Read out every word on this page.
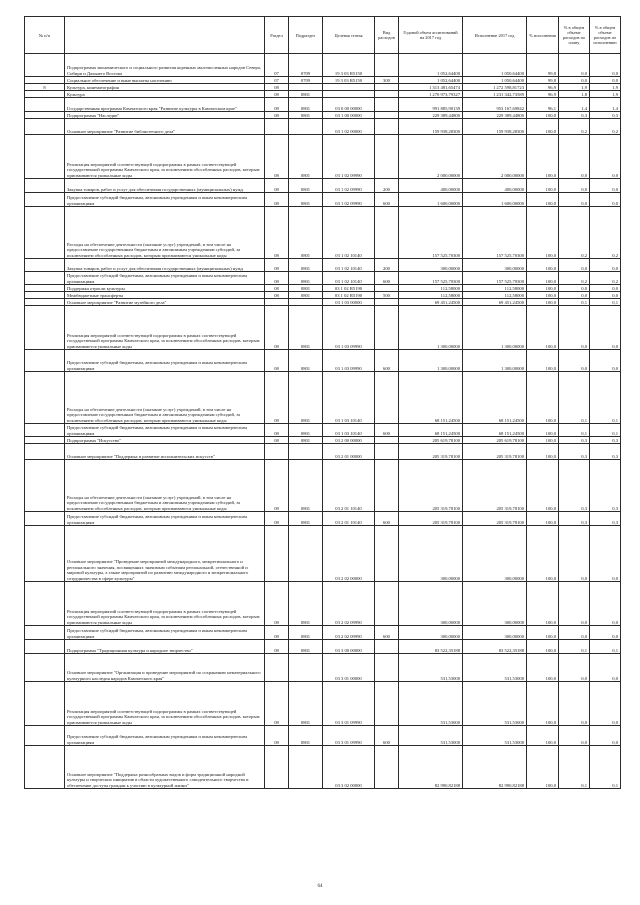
№ п/п		Раздел	Подраздел	Целевая статья	Вид расходов	Годовой объем ассигнований на 2017 год	Исполнение 2017 год	% исполнения	% в общем объеме расходов по плану	% в общем объеме расходов по исполнению
	Подпрограмма экономического и социального развития коренных малочисленных народов Севера, Сибири и Дальнего Востока	07	0709	19 3 03 R5150		1 052,64400	1 050,64400	99,8	0,0	0,0
	Социальное обеспечение и иные выплаты населению	07	0709	19 3 03 R5150	300	1 052,64400	1 050,64400	99,8	0,0	0,0
8	Культура, кинематография	08				1 313 481,65474	1 272 598,81723	96,9	1,9	1,9
	Культура	08	0801			1 270 973,79327	1 231 342,73589	96,9	1,8	1,9
	Государственная программа Камчатского края "Развитие культуры в Камчатском крае"	08	0801	03 0 00 00000		991 885,90139	953 167,69842	96,1	1,4	1,4
	Подпрограмма "Наследие"	08	0801	03 1 00 00000		229 389,44800	229 389,44800	100,0	0,3	0,3
	Основное мероприятие "Развитие библиотечного дела"			03 1 02 00000		159 938,28300	159 938,28300	100,0	0,2	0,2
	Реализация мероприятий соответствующей подпрограммы в рамках соответствующей государственной программы Камчатского края, за исключением обособленных расходов, которым присваиваются уникальные коды	08	0801	03 1 02 09990		2 000,00000	2 000,00000	100,0	0,0	0,0
	Закупка товаров, работ и услуг для обеспечения государственных (муниципальных) нужд	08	0801	03 1 02 09990	200	400,00000	400,00000	100,0	0,0	0,0
	Предоставление субсидий бюджетным, автономным учреждениям и иным некоммерческим организациям	08	0801	03 1 02 09990	600	1 600,00000	1 600,00000	100,0	0,0	0,0
	Расходы на обеспечение деятельности (оказание услуг) учреждений, в том числе на предоставление государственным бюджетным и автономным учреждениям субсидий, за исключением обособленных расходов, которым присваиваются уникальные коды	08	0801	03 1 02 10140		157 525,70300	157 525,70300	100,0	0,2	0,2
	Закупка товаров, работ и услуг для обеспечения государственных (муниципальных) нужд	08	0801	03 1 02 10140	200	300,00000	300,00000	100,0	0,0	0,0
	Предоставление субсидий бюджетным, автономным учреждениям и иным некоммерческим организациям	08	0801	03 1 02 10140	600	157 525,70300	157 525,70300	100,0	0,2	0,2
	Поддержка отрасли культуры	08	0801	03 1 02 R5190		112,58000	112,58000	100,0	0,0	0,0
	Межбюджетные трансферты	08	0801	03 1 02 R5190	500	112,58000	112,58000	100,0	0,0	0,0
	Основное мероприятие "Развитие музейного дела"			03 1 03 00000		69 451,24500	69 451,24500	100,0	0,1	0,1
	Реализация мероприятий соответствующей подпрограммы в рамках соответствующей государственной программы Камчатского края, за исключением обособленных расходов, которым присваиваются уникальные коды	08	0801	03 1 03 09990		1 300,00000	1 300,00000	100,0	0,0	0,0
	Предоставление субсидий бюджетным, автономным учреждениям и иным некоммерческим организациям	08	0801	03 1 03 09990	600	1 300,00000	1 300,00000	100,0	0,0	0,0
	Расходы на обеспечение деятельности (оказание услуг) учреждений, в том числе на предоставление государственным бюджетным и автономным учреждениям субсидий, за исключением обособленных расходов, которым присваиваются уникальные коды	08	0801	03 1 03 10140		68 151,24500	68 151,24500	100,0	0,1	0,1
	Предоставление субсидий бюджетным, автономным учреждениям и иным некоммерческим организациям	08	0801	03 1 03 10140	600	68 151,24500	68 151,24500	100,0	0,1	0,1
	Подпрограмма "Искусство"	08	0801	03 2 00 00000		205 619,78100	205 619,78100	100,0	0,3	0,3
	Основное мероприятие "Поддержка и развитие исполнительских искусств"			03 2 01 00000		205 319,78100	205 319,78100	100,0	0,3	0,3
	Расходы на обеспечение деятельности (оказание услуг) учреждений, в том числе на предоставление государственным бюджетным и автономным учреждениям субсидий, за исключением обособленных расходов, которым присваиваются уникальные коды	08	0801	03 2 01 10140		205 319,78100	205 319,78100	100,0	0,3	0,3
	Предоставление субсидий бюджетным, автономным учреждениям и иным некоммерческим организациям	08	0801	03 2 01 10140	600	205 319,78100	205 319,78100	100,0	0,3	0,3
	Основное мероприятие "Проведение мероприятий международного, межрегионального и регионального значения, посвященных значимым событиям региональной, отечественной и мировой культуры, а также мероприятий по развитию международного и межрегионального сотрудничества в сфере культуры"			03 2 02 00000		300,00000	300,00000	100,0	0,0	0,0
	Реализация мероприятий соответствующей подпрограммы в рамках соответствующей государственной программы Камчатского края, за исключением обособленных расходов, которым присваиваются уникальные коды	08	0801	03 2 02 09990		300,00000	300,00000	100,0	0,0	0,0
	Предоставление субсидий бюджетным, автономным учреждениям и иным некоммерческим организациям	08	0801	03 2 02 09990	600	300,00000	300,00000	100,0	0,0	0,0
	Подпрограмма "Традиционная культура и народное творчество"	08	0801	03 3 00 00000		83 522,35188	83 522,35188	100,0	0,1	0,1
	Основное мероприятие "Организация и проведение мероприятий по сохранению нематериального культурного наследия народов Камчатского края"			03 3 01 00000		531,53000	531,53000	100,0	0,0	0,0
	Реализация мероприятий соответствующей подпрограммы в рамках соответствующей государственной программы Камчатского края, за исключением обособленных расходов, которым присваиваются уникальные коды	08	0801	03 3 01 09990		531,53000	531,53000	100,0	0,0	0,0
	Предоставление субсидий бюджетным, автономным учреждениям и иным некоммерческим организациям	08	0801	03 3 01 09990	600	531,53000	531,53000	100,0	0,0	0,0
	Основное мероприятие "Поддержка разнообразных видов и форм традиционной народной культуры и творческих инициатив в области художественного самодеятельного творчества и обеспечение доступа граждан к участию в культурной жизни"			03 3 02 00000		82 990,82188	82 990,82188	100,0	0,1	0,1
64
